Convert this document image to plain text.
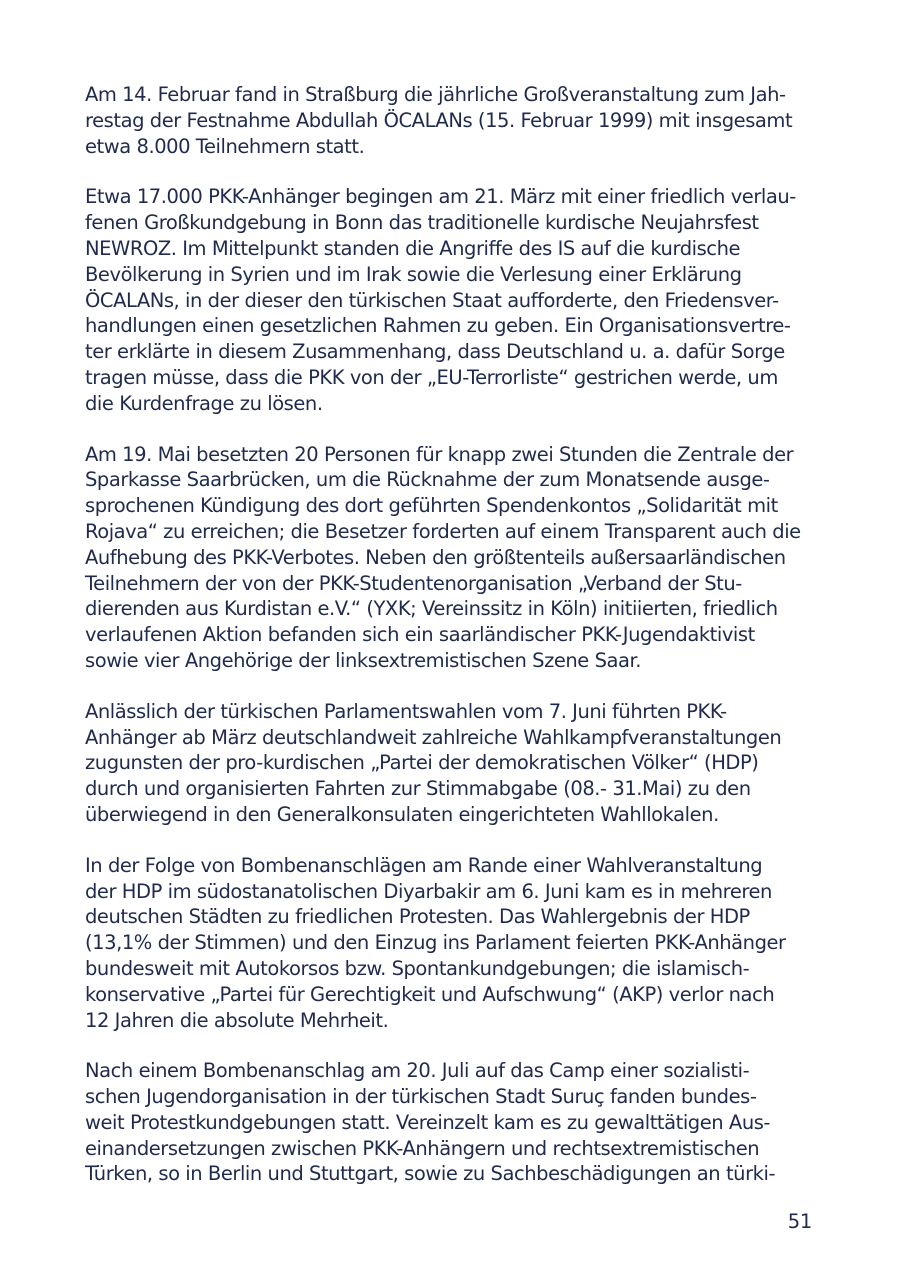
Am 14. Februar fand in Straßburg die jährliche Großveranstaltung zum Jah-
restag der Festnahme Abdullah ÖCALANs (15. Februar 1999) mit insgesamt
etwa 8.000 Teilnehmern statt.

Etwa 17.000 PKK-Anhänger begingen am 21. März mit einer friedlich verlau-
fenen Großkundgebung in Bonn das traditionelle kurdische Neujahrsfest
NEWROZ. Im Mittelpunkt standen die Angriffe des IS auf die kurdische
Bevölkerung in Syrien und im Irak sowie die Verlesung einer Erklärung
ÖCALANs, in der dieser den türkischen Staat aufforderte, den Friedensver-
handlungen einen gesetzlichen Rahmen zu geben. Ein Organisationsvertre-
ter erklärte in diesem Zusammenhang, dass Deutschland u. a. dafür Sorge
tragen müsse, dass die PKK von der „EU-Terrorliste“ gestrichen werde, um
die Kurdenfrage zu lösen.

Am 19. Mai besetzten 20 Personen für knapp zwei Stunden die Zentrale der
Sparkasse Saarbrücken, um die Rücknahme der zum Monatsende ausge-
sprochenen Kündigung des dort geführten Spendenkontos „Solidarität mit
Rojava“ zu erreichen; die Besetzer forderten auf einem Transparent auch die
Aufhebung des PKK-Verbotes. Neben den größtenteils außersaarländischen
Teilnehmern der von der PKK-Studentenorganisation „Verband der Stu-
dierenden aus Kurdistan e.V.“ (YXK; Vereinssitz in Köln) initiierten, friedlich
verlaufenen Aktion befanden sich ein saarländischer PKK-Jugendaktivist
sowie vier Angehörige der linksextremistischen Szene Saar.

Anlässlich der türkischen Parlamentswahlen vom 7. Juni führten PKK-
Anhänger ab März deutschlandweit zahlreiche Wahlkampfveranstaltungen
zugunsten der pro-kurdischen „Partei der demokratischen Völker“ (HDP)
durch und organisierten Fahrten zur Stimmabgabe (08.- 31.Mai) zu den
überwiegend in den Generalkonsulaten eingerichteten Wahllokalen.

In der Folge von Bombenanschlägen am Rande einer Wahlveranstaltung
der HDP im südostanatolischen Diyarbakir am 6. Juni kam es in mehreren
deutschen Städten zu friedlichen Protesten. Das Wahlergebnis der HDP
(13,1% der Stimmen) und den Einzug ins Parlament feierten PKK-Anhänger
bundesweit mit Autokorsos bzw. Spontankundgebungen; die islamisch-
konservative „Partei für Gerechtigkeit und Aufschwung“ (AKP) verlor nach
12 Jahren die absolute Mehrheit.

Nach einem Bombenanschlag am 20. Juli auf das Camp einer sozialisti-
schen Jugendorganisation in der türkischen Stadt Suruç fanden bundes-
weit Protestkundgebungen statt. Vereinzelt kam es zu gewalttätigen Aus-
einandersetzungen zwischen PKK-Anhängern und rechtsextremistischen
Türken, so in Berlin und Stuttgart, sowie zu Sachbeschädigungen an türki-

51
